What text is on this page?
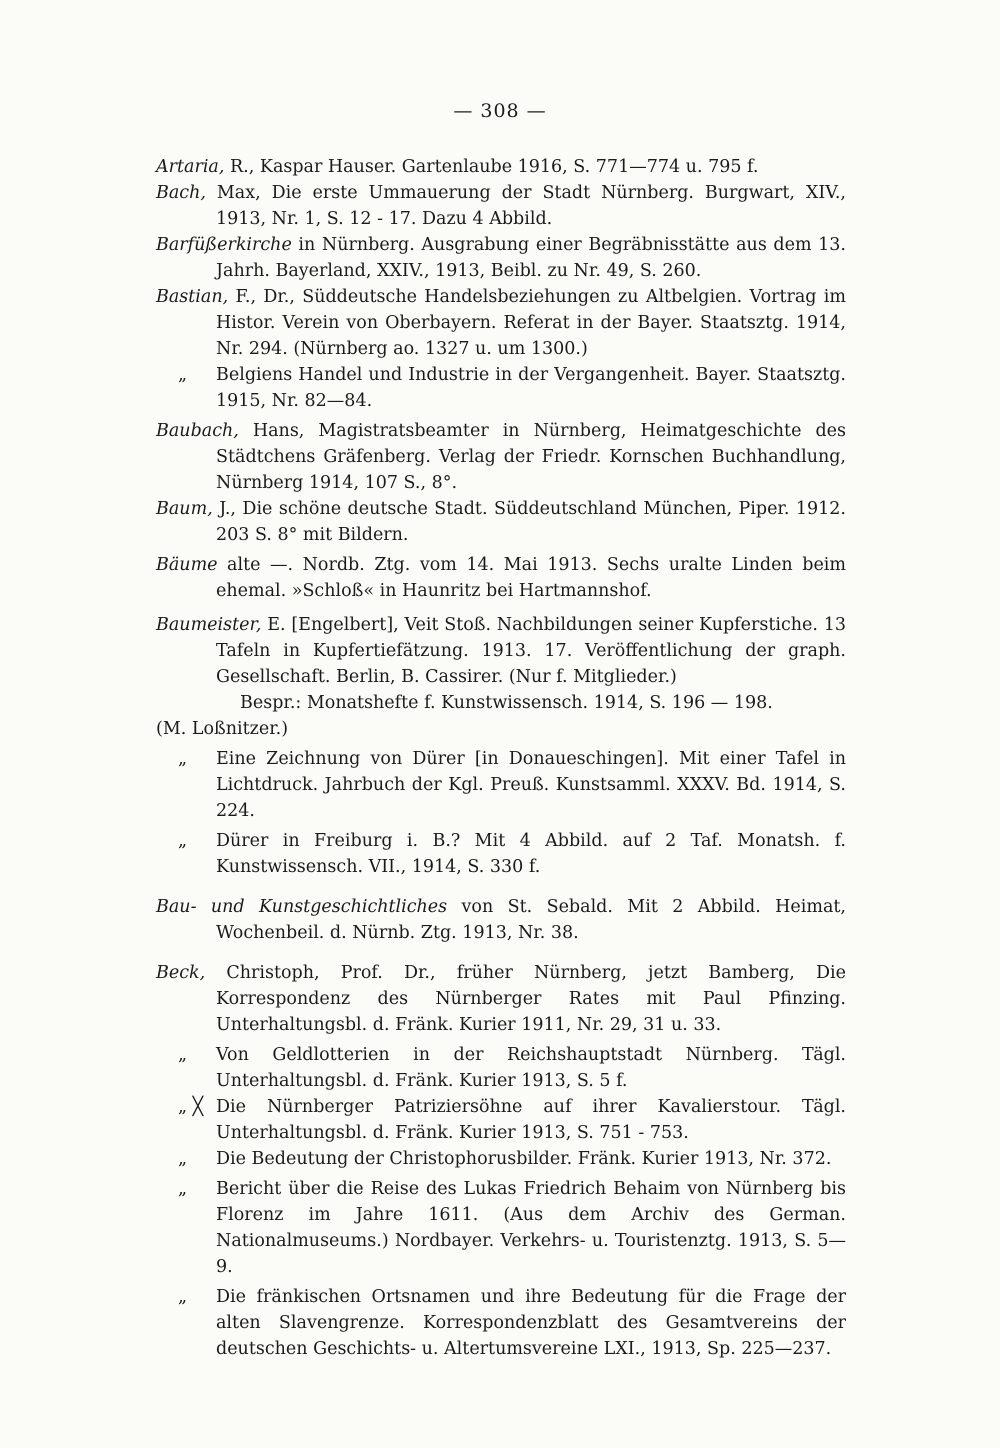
— 308 —
Artaria, R., Kaspar Hauser. Gartenlaube 1916, S. 771—774 u. 795 f.
Bach, Max, Die erste Ummauerung der Stadt Nürnberg. Burgwart, XIV., 1913, Nr. 1, S. 12 - 17. Dazu 4 Abbild.
Barfüßerkirche in Nürnberg. Ausgrabung einer Begräbnisstätte aus dem 13. Jahrh. Bayerland, XXIV., 1913, Beibl. zu Nr. 49, S. 260.
Bastian, F., Dr., Süddeutsche Handelsbeziehungen zu Altbelgien. Vortrag im Histor. Verein von Oberbayern. Referat in der Bayer. Staatsztg. 1914, Nr. 294. (Nürnberg ao. 1327 u. um 1300.)
„ Belgiens Handel und Industrie in der Vergangenheit. Bayer. Staatsztg. 1915, Nr. 82—84.
Baubach, Hans, Magistratsbeamter in Nürnberg, Heimatgeschichte des Städtchens Gräfenberg. Verlag der Friedr. Kornschen Buchhandlung, Nürnberg 1914, 107 S., 8°.
Baum, J., Die schöne deutsche Stadt. Süddeutschland München, Piper. 1912. 203 S. 8° mit Bildern.
Bäume alte —. Nordb. Ztg. vom 14. Mai 1913. Sechs uralte Linden beim ehemal. »Schloß« in Haunritz bei Hartmannshof.
Baumeister, E. [Engelbert], Veit Stoß. Nachbildungen seiner Kupferstiche. 13 Tafeln in Kupfertiefätzung. 1913. 17. Veröffentlichung der graph. Gesellschaft. Berlin, B. Cassirer. (Nur f. Mitglieder.)
Bespr.: Monatshefte f. Kunstwissensch. 1914, S. 196 — 198.
(M. Loßnitzer.)
„ Eine Zeichnung von Dürer [in Donaueschingen]. Mit einer Tafel in Lichtdruck. Jahrbuch der Kgl. Preuß. Kunstsamml. XXXV. Bd. 1914, S. 224.
„ Dürer in Freiburg i. B.? Mit 4 Abbild. auf 2 Taf. Monatsh. f. Kunstwissensch. VII., 1914, S. 330 f.
Bau- und Kunstgeschichtliches von St. Sebald. Mit 2 Abbild. Heimat, Wochenbeil. d. Nürnb. Ztg. 1913, Nr. 38.
Beck, Christoph, Prof. Dr., früher Nürnberg, jetzt Bamberg, Die Korrespondenz des Nürnberger Rates mit Paul Pfinzing. Unterhaltungsbl. d. Fränk. Kurier 1911, Nr. 29, 31 u. 33.
„ Von Geldlotterien in der Reichshauptstadt Nürnberg. Tägl. Unterhaltungsbl. d. Fränk. Kurier 1913, S. 5 f.
„ ╳ Die Nürnberger Patriziersöhne auf ihrer Kavalierstour. Tägl. Unterhaltungsbl. d. Fränk. Kurier 1913, S. 751 - 753.
„ Die Bedeutung der Christophorusbilder. Fränk. Kurier 1913, Nr. 372.
„ Bericht über die Reise des Lukas Friedrich Behaim von Nürnberg bis Florenz im Jahre 1611. (Aus dem Archiv des German. Nationalmuseums.) Nordbayer. Verkehrs- u. Touristenztg. 1913, S. 5—9.
„ Die fränkischen Ortsnamen und ihre Bedeutung für die Frage der alten Slavengrenze. Korrespondenzblatt des Gesamtvereins der deutschen Geschichts- u. Altertumsvereine LXI., 1913, Sp. 225—237.
